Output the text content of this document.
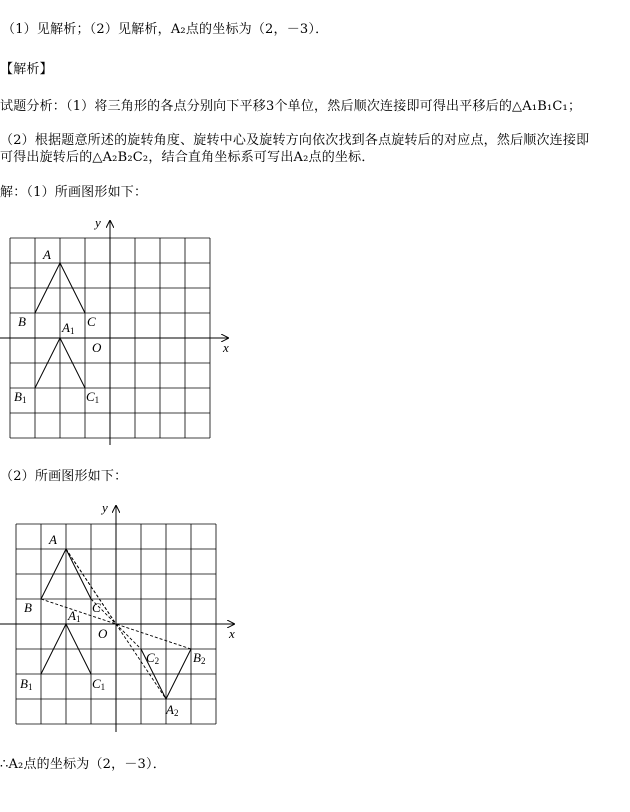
（1）见解析；（2）见解析，A₂点的坐标为（2，－3）．
【解析】
试题分析：（1）将三角形的各点分别向下平移3个单位，然后顺次连接即可得出平移后的△A₁B₁C₁；
（2）根据题意所述的旋转角度、旋转中心及旋转方向依次找到各点旋转后的对应点，然后顺次连接即
可得出旋转后的△A₂B₂C₂，结合直角坐标系可写出A₂点的坐标．
解：（1）所画图形如下：
x
y
O
A
B	C
A1
B1	C1
（2）所画图形如下：
x
y
O
A
B	C
A1
B1	C1
A2
B2
C2
∴A₂点的坐标为（2，－3）．
